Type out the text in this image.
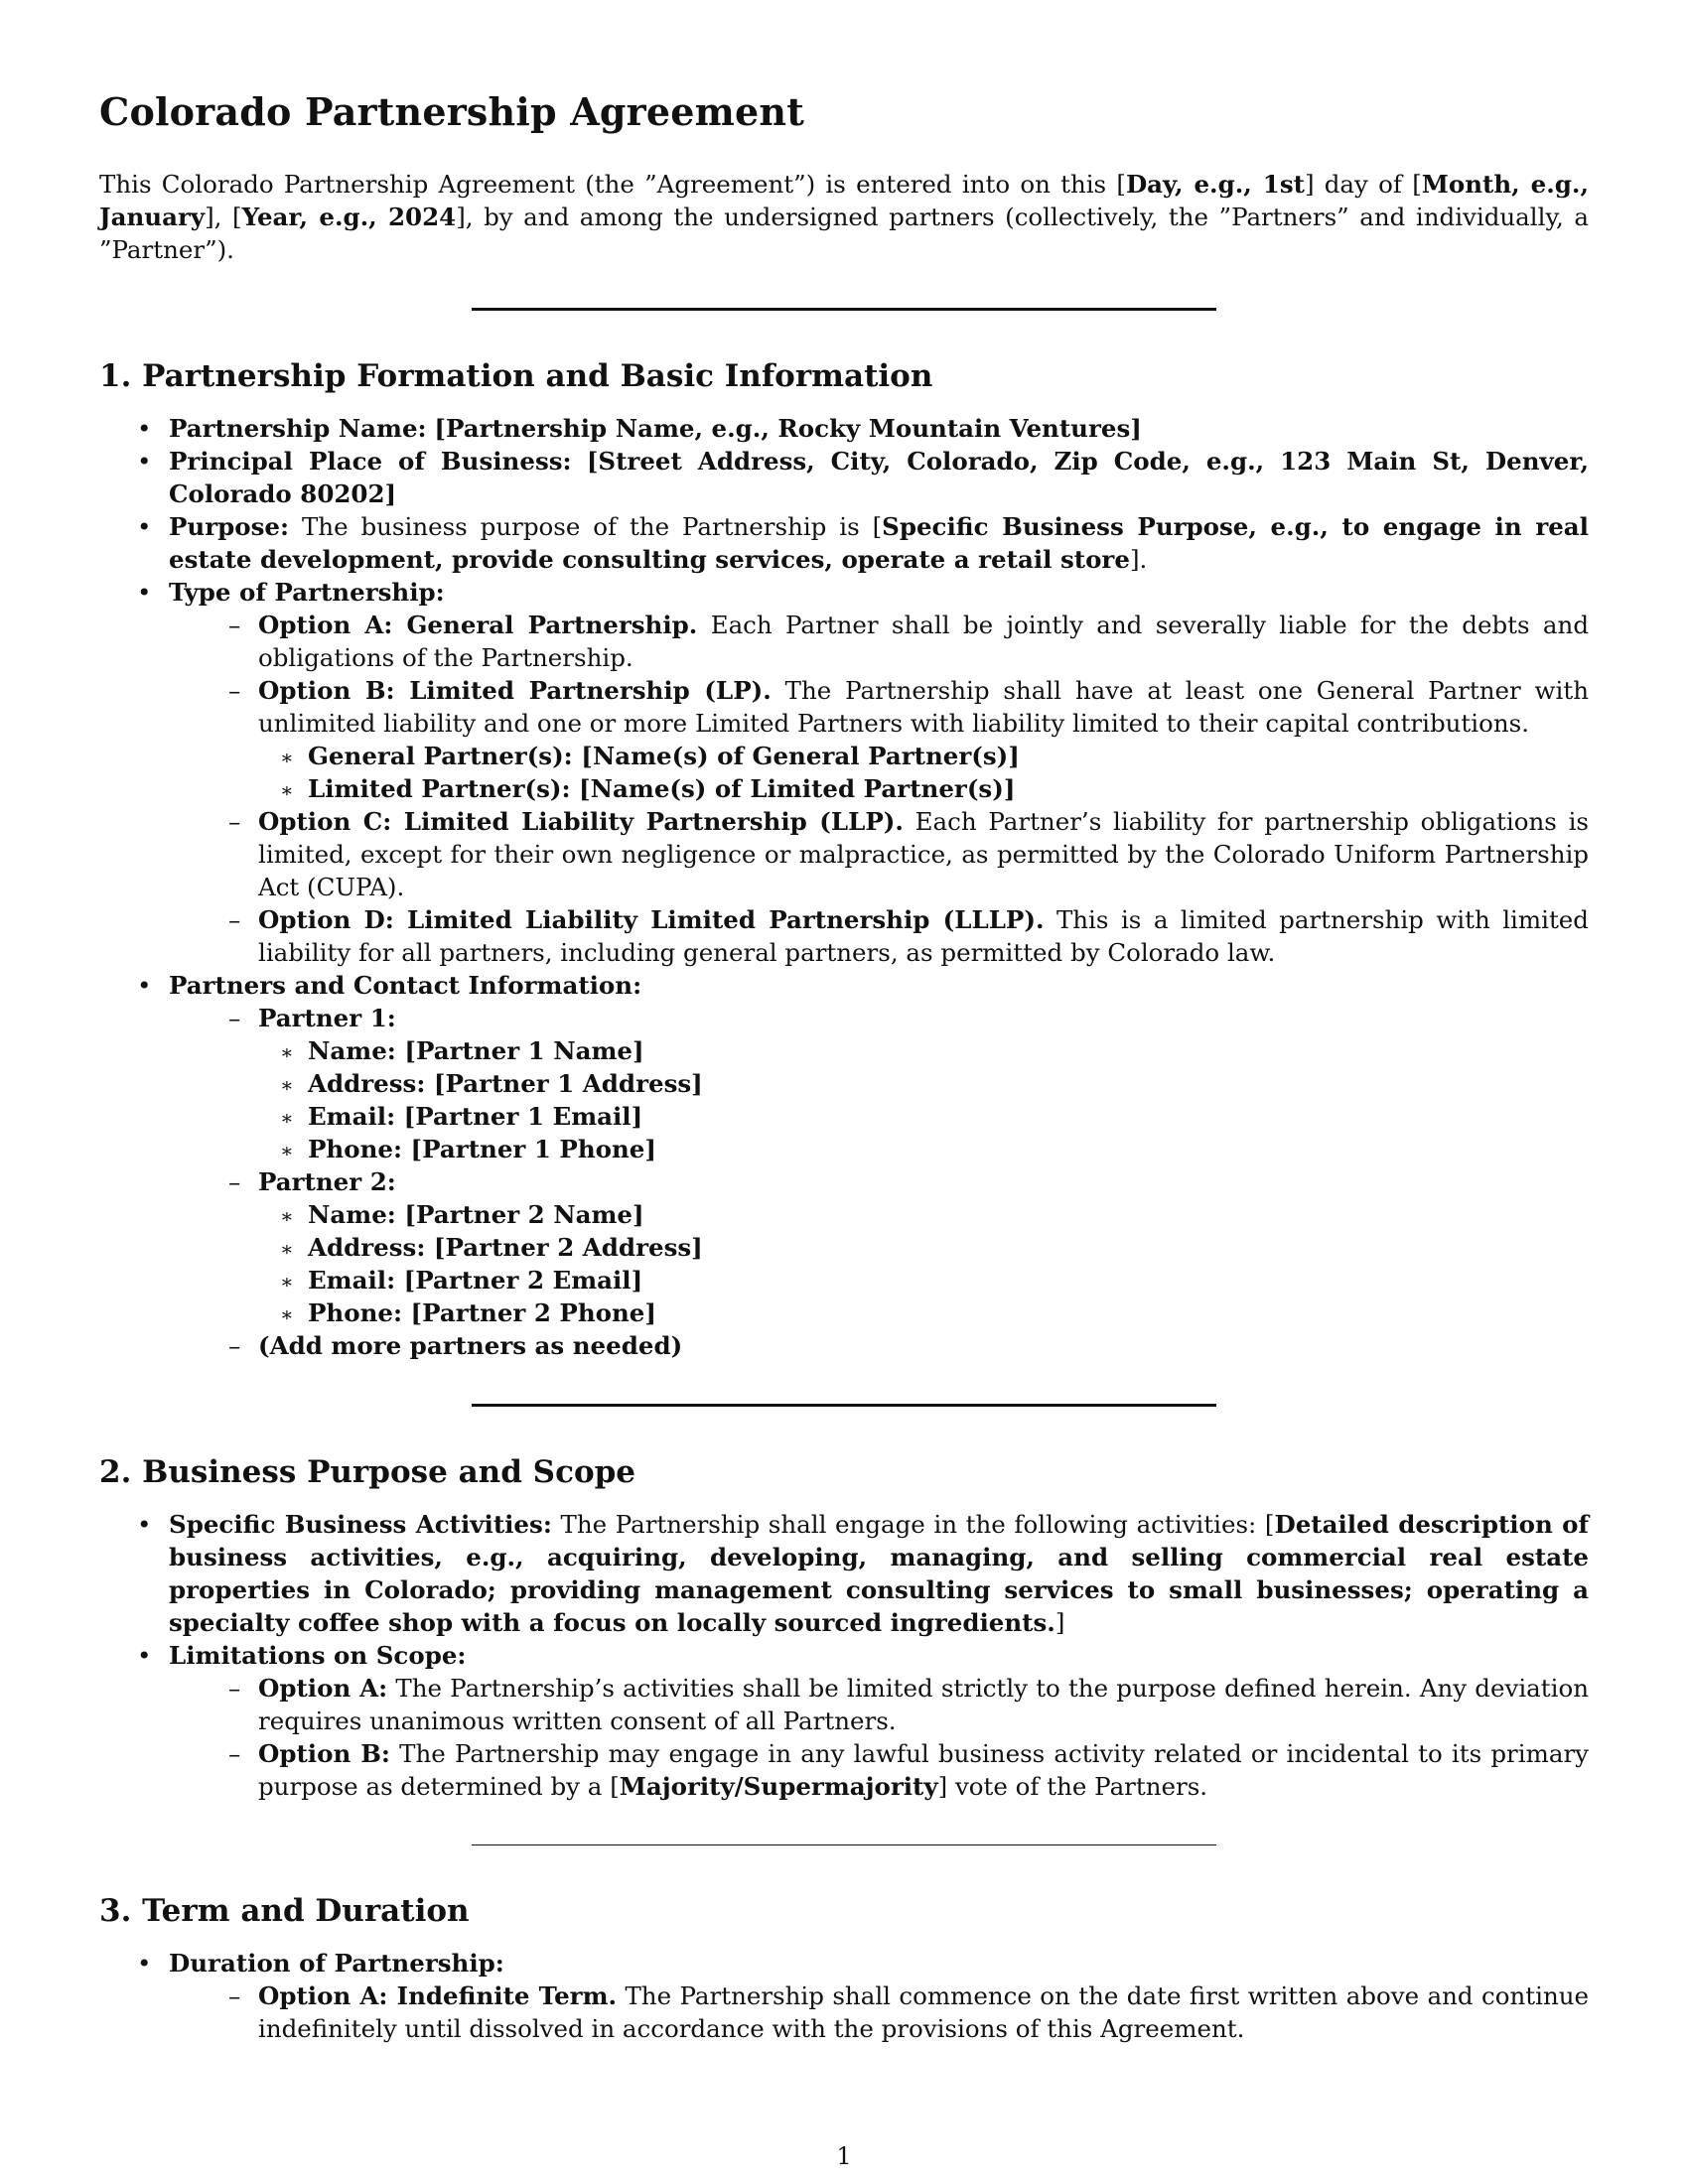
Colorado Partnership Agreement

This Colorado Partnership Agreement (the ”Agreement”) is entered into on this [Day, e.g., 1st] day of [Month, e.g., January], [Year, e.g., 2024], by and among the undersigned partners (collectively, the ”Partners” and individually, a ”Partner”).

1. Partnership Formation and Basic Information
• Partnership Name: [Partnership Name, e.g., Rocky Mountain Ventures]
• Principal Place of Business: [Street Address, City, Colorado, Zip Code, e.g., 123 Main St, Denver, Colorado 80202]
• Purpose: The business purpose of the Partnership is [Specific Business Purpose, e.g., to engage in real estate development, provide consulting services, operate a retail store].
• Type of Partnership:
– Option A: General Partnership. Each Partner shall be jointly and severally liable for the debts and obligations of the Partnership.
– Option B: Limited Partnership (LP). The Partnership shall have at least one General Partner with unlimited liability and one or more Limited Partners with liability limited to their capital contributions.
∗ General Partner(s): [Name(s) of General Partner(s)]
∗ Limited Partner(s): [Name(s) of Limited Partner(s)]
– Option C: Limited Liability Partnership (LLP). Each Partner’s liability for partnership obligations is limited, except for their own negligence or malpractice, as permitted by the Colorado Uniform Partnership Act (CUPA).
– Option D: Limited Liability Limited Partnership (LLLP). This is a limited partnership with limited liability for all partners, including general partners, as permitted by Colorado law.
• Partners and Contact Information:
– Partner 1:
∗ Name: [Partner 1 Name]
∗ Address: [Partner 1 Address]
∗ Email: [Partner 1 Email]
∗ Phone: [Partner 1 Phone]
– Partner 2:
∗ Name: [Partner 2 Name]
∗ Address: [Partner 2 Address]
∗ Email: [Partner 2 Email]
∗ Phone: [Partner 2 Phone]
– (Add more partners as needed)
2. Business Purpose and Scope
• Specific Business Activities: The Partnership shall engage in the following activities: [Detailed description of business activities, e.g., acquiring, developing, managing, and selling commercial real estate properties in Colorado; providing management consulting services to small businesses; operating a specialty coffee shop with a focus on locally sourced ingredients.]
• Limitations on Scope:
– Option A: The Partnership’s activities shall be limited strictly to the purpose defined herein. Any deviation requires unanimous written consent of all Partners.
– Option B: The Partnership may engage in any lawful business activity related or incidental to its primary purpose as determined by a [Majority/Supermajority] vote of the Partners.
3. Term and Duration
• Duration of Partnership:
– Option A: Indefinite Term. The Partnership shall commence on the date first written above and continue indefinitely until dissolved in accordance with the provisions of this Agreement.
1
